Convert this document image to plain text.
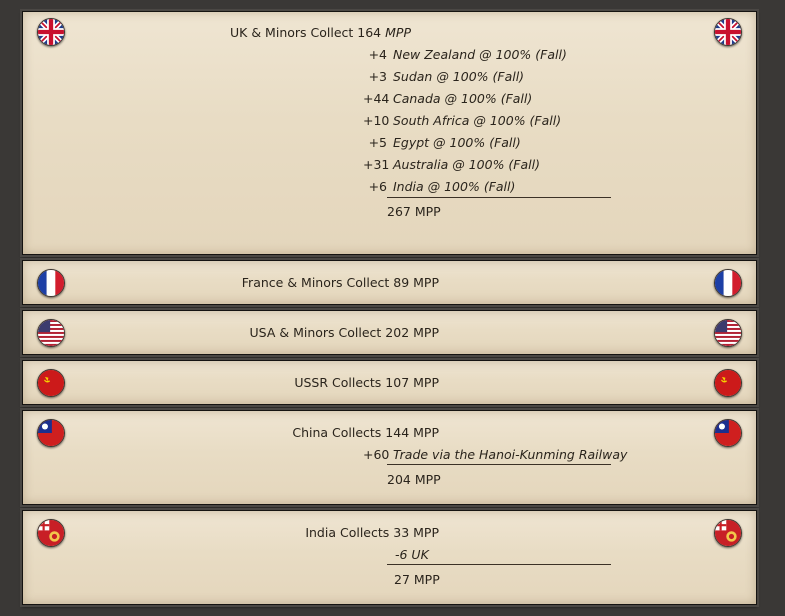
UK & Minors Collect 164 MPP
+4 New Zealand @ 100% (Fall)
+3 Sudan @ 100% (Fall)
+44 Canada @ 100% (Fall)
+10 South Africa @ 100% (Fall)
+5 Egypt @ 100% (Fall)
+31 Australia @ 100% (Fall)
+6 India @ 100% (Fall)
267 MPP
France & Minors Collect 89 MPP
USA & Minors Collect 202 MPP
USSR Collects 107 MPP
China Collects 144 MPP
+60 Trade via the Hanoi-Kunming Railway
204 MPP
India Collects 33 MPP
-6 UK
27 MPP
